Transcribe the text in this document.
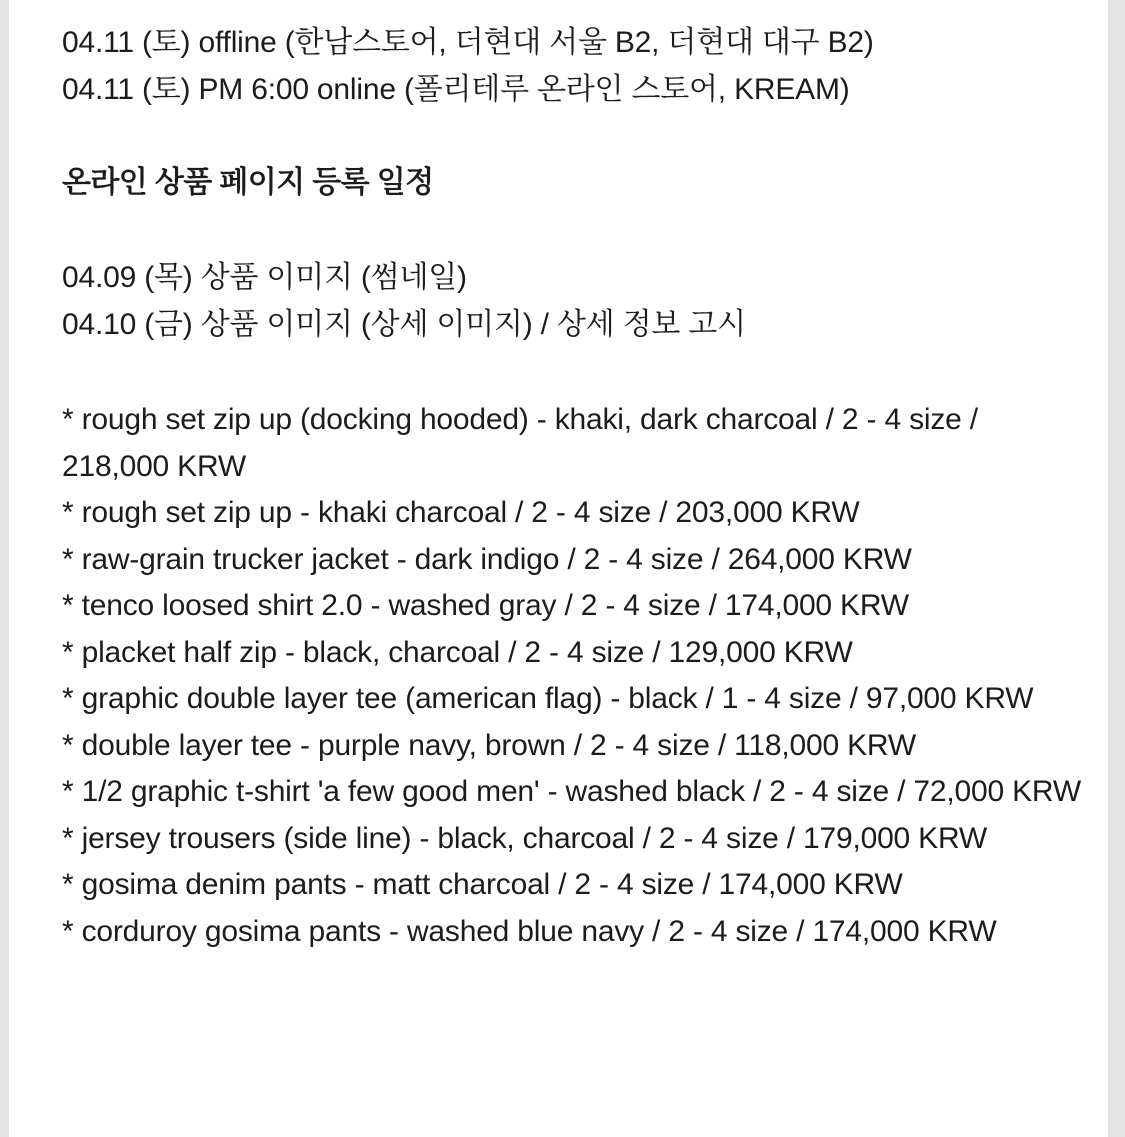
04.11 (토) offline (한남스토어, 더현대 서울 B2, 더현대 대구 B2)

04.11 (토) PM 6:00 online (폴리테루 온라인 스토어, KREAM)

온라인 상품 페이지 등록 일정

04.09 (목) 상품 이미지 (썸네일)

04.10 (금) 상품 이미지 (상세 이미지) / 상세 정보 고시

* rough set zip up (docking hooded) - khaki, dark charcoal / 2 - 4 size / 218,000 KRW

* rough set zip up - khaki charcoal / 2 - 4 size / 203,000 KRW

* raw-grain trucker jacket - dark indigo / 2 - 4 size / 264,000 KRW

* tenco loosed shirt 2.0 - washed gray / 2 - 4 size / 174,000 KRW

* placket half zip - black, charcoal / 2 - 4 size / 129,000 KRW

* graphic double layer tee (american flag) - black / 1 - 4 size / 97,000 KRW

* double layer tee - purple navy, brown / 2 - 4 size / 118,000 KRW

* 1/2 graphic t-shirt 'a few good men' - washed black / 2 - 4 size / 72,000 KRW

* jersey trousers (side line) - black, charcoal / 2 - 4 size / 179,000 KRW

* gosima denim pants - matt charcoal / 2 - 4 size / 174,000 KRW

* corduroy gosima pants - washed blue navy / 2 - 4 size / 174,000 KRW
